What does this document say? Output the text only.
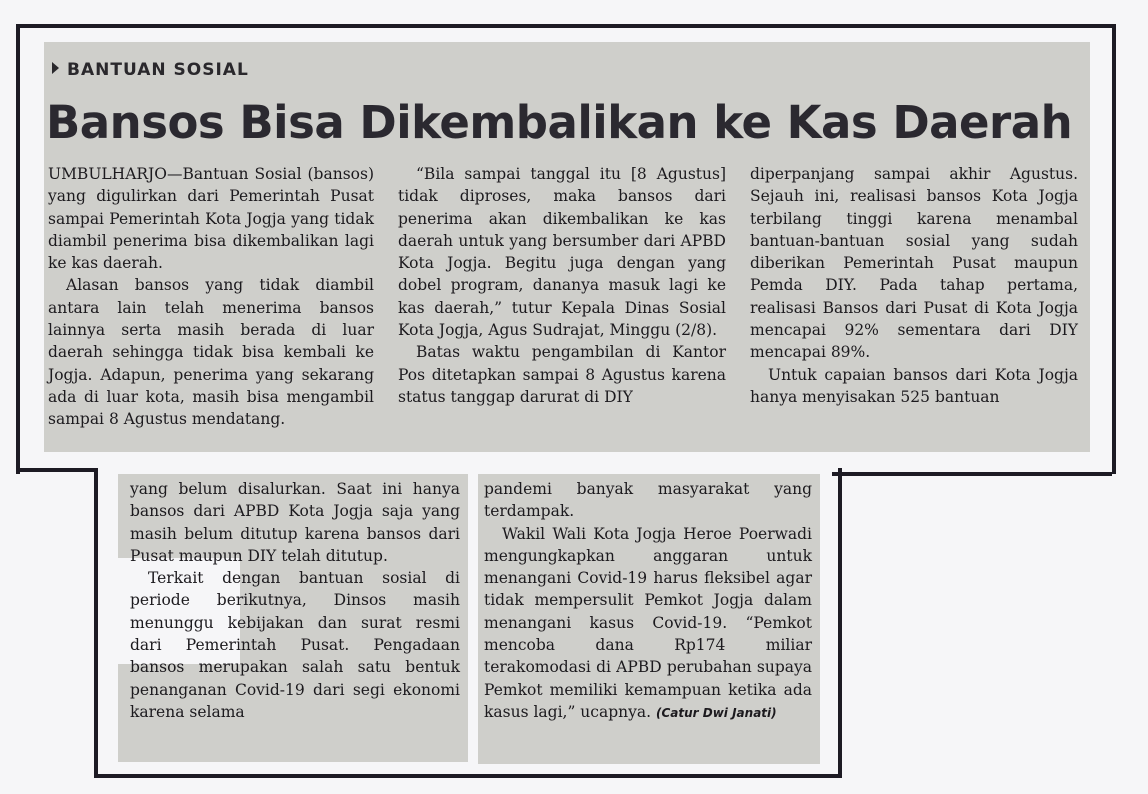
BANTUAN SOSIAL
Bansos Bisa Dikembalikan ke Kas Daerah

UMBULHARJO—Bantuan Sosial (bansos) yang digulirkan dari Pemerintah Pusat sampai Pemerintah Kota Jogja yang tidak diambil penerima bisa dikembalikan lagi ke kas daerah.

Alasan bansos yang tidak diambil antara lain telah menerima bansos lainnya serta masih berada di luar daerah sehingga tidak bisa kembali ke Jogja. Adapun, penerima yang sekarang ada di luar kota, masih bisa mengambil sampai 8 Agustus mendatang.

“Bila sampai tanggal itu [8 Agustus] tidak diproses, maka bansos dari penerima akan dikembalikan ke kas daerah untuk yang bersumber dari APBD Kota Jogja. Begitu juga dengan yang dobel program, dananya masuk lagi ke kas daerah,” tutur Kepala Dinas Sosial Kota Jogja, Agus Sudrajat, Minggu (2/8).

Batas waktu pengambilan di Kantor Pos ditetapkan sampai 8 Agustus karena status tanggap darurat di DIY

diperpanjang sampai akhir Agustus. Sejauh ini, realisasi bansos Kota Jogja terbilang tinggi karena menambal bantuan-bantuan sosial yang sudah diberikan Pemerintah Pusat maupun Pemda DIY. Pada tahap pertama, realisasi Bansos dari Pusat di Kota Jogja mencapai 92% sementara dari DIY mencapai 89%.

Untuk capaian bansos dari Kota Jogja hanya menyisakan 525 bantuan

yang belum disalurkan. Saat ini hanya bansos dari APBD Kota Jogja saja yang masih belum ditutup karena bansos dari Pusat maupun DIY telah ditutup.

Terkait dengan bantuan sosial di periode berikutnya, Dinsos masih menunggu kebijakan dan surat resmi dari Pemerintah Pusat. Pengadaan bansos merupakan salah satu bentuk penanganan Covid-19 dari segi ekonomi karena selama

pandemi banyak masyarakat yang terdampak.

Wakil Wali Kota Jogja Heroe Poerwadi mengungkapkan anggaran untuk menangani Covid-19 harus fleksibel agar tidak mempersulit Pemkot Jogja dalam menangani kasus Covid-19. “Pemkot mencoba dana Rp174 miliar terakomodasi di APBD perubahan supaya Pemkot memiliki kemampuan ketika ada kasus lagi,” ucapnya. (Catur Dwi Janati)
